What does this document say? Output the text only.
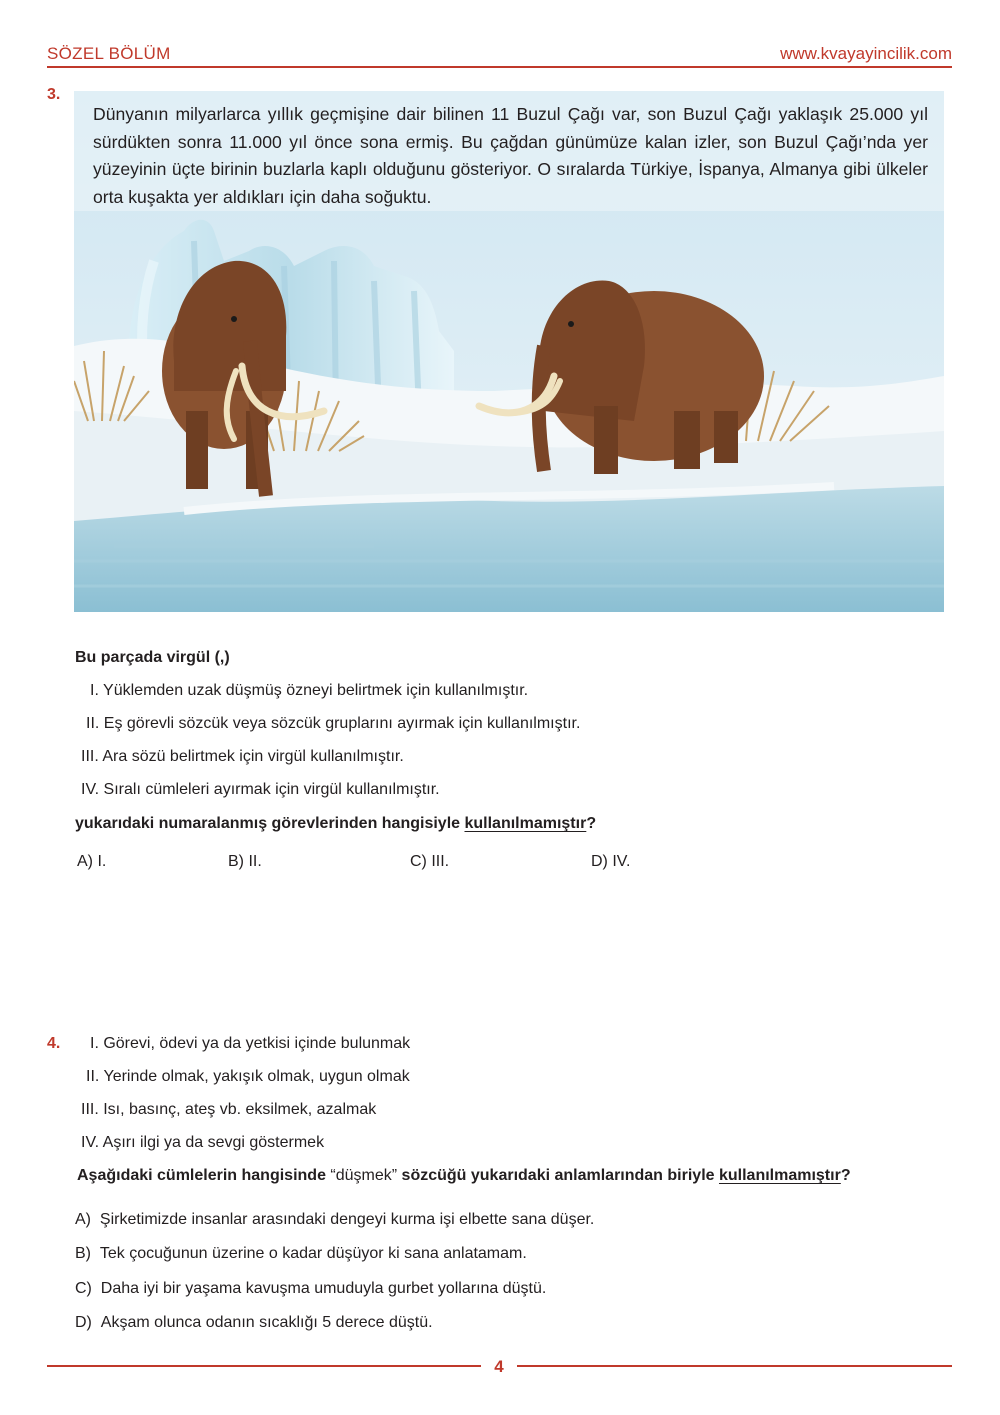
SÖZEL BÖLÜM	www.kvayayincilik.com
3.
Dünyanın milyarlarca yıllık geçmişine dair bilinen 11 Buzul Çağı var, son Buzul Çağı yaklaşık 25.000 yıl sürdükten sonra 11.000 yıl önce sona ermiş. Bu çağdan günümüze kalan izler, son Buzul Çağı’nda yer yüzeyinin üçte birinin buzlarla kaplı olduğunu gösteriyor. O sıralarda Türkiye, İspanya, Almanya gibi ülkeler orta kuşakta yer aldıkları için daha soğuktu.
Bu parçada virgül (,)
I. Yüklemden uzak düşmüş özneyi belirtmek için kullanılmıştır.
II. Eş görevli sözcük veya sözcük gruplarını ayırmak için kullanılmıştır.
III. Ara sözü belirtmek için virgül kullanılmıştır.
IV. Sıralı cümleleri ayırmak için virgül kullanılmıştır.
yukarıdaki numaralanmış görevlerinden hangisiyle kullanılmamıştır?
A) I.	B) II.	C) III.	D) IV.
4. I. Görevi, ödevi ya da yetkisi içinde bulunmak
II. Yerinde olmak, yakışık olmak, uygun olmak
III. Isı, basınç, ateş vb. eksilmek, azalmak
IV. Aşırı ilgi ya da sevgi göstermek
Aşağıdaki cümlelerin hangisinde “düşmek” sözcüğü yukarıdaki anlamlarından biriyle kullanılmamıştır?
A) Şirketimizde insanlar arasındaki dengeyi kurma işi elbette sana düşer.
B) Tek çocuğunun üzerine o kadar düşüyor ki sana anlatamam.
C) Daha iyi bir yaşama kavuşma umuduyla gurbet yollarına düştü.
D) Akşam olunca odanın sıcaklığı 5 derece düştü.
4
